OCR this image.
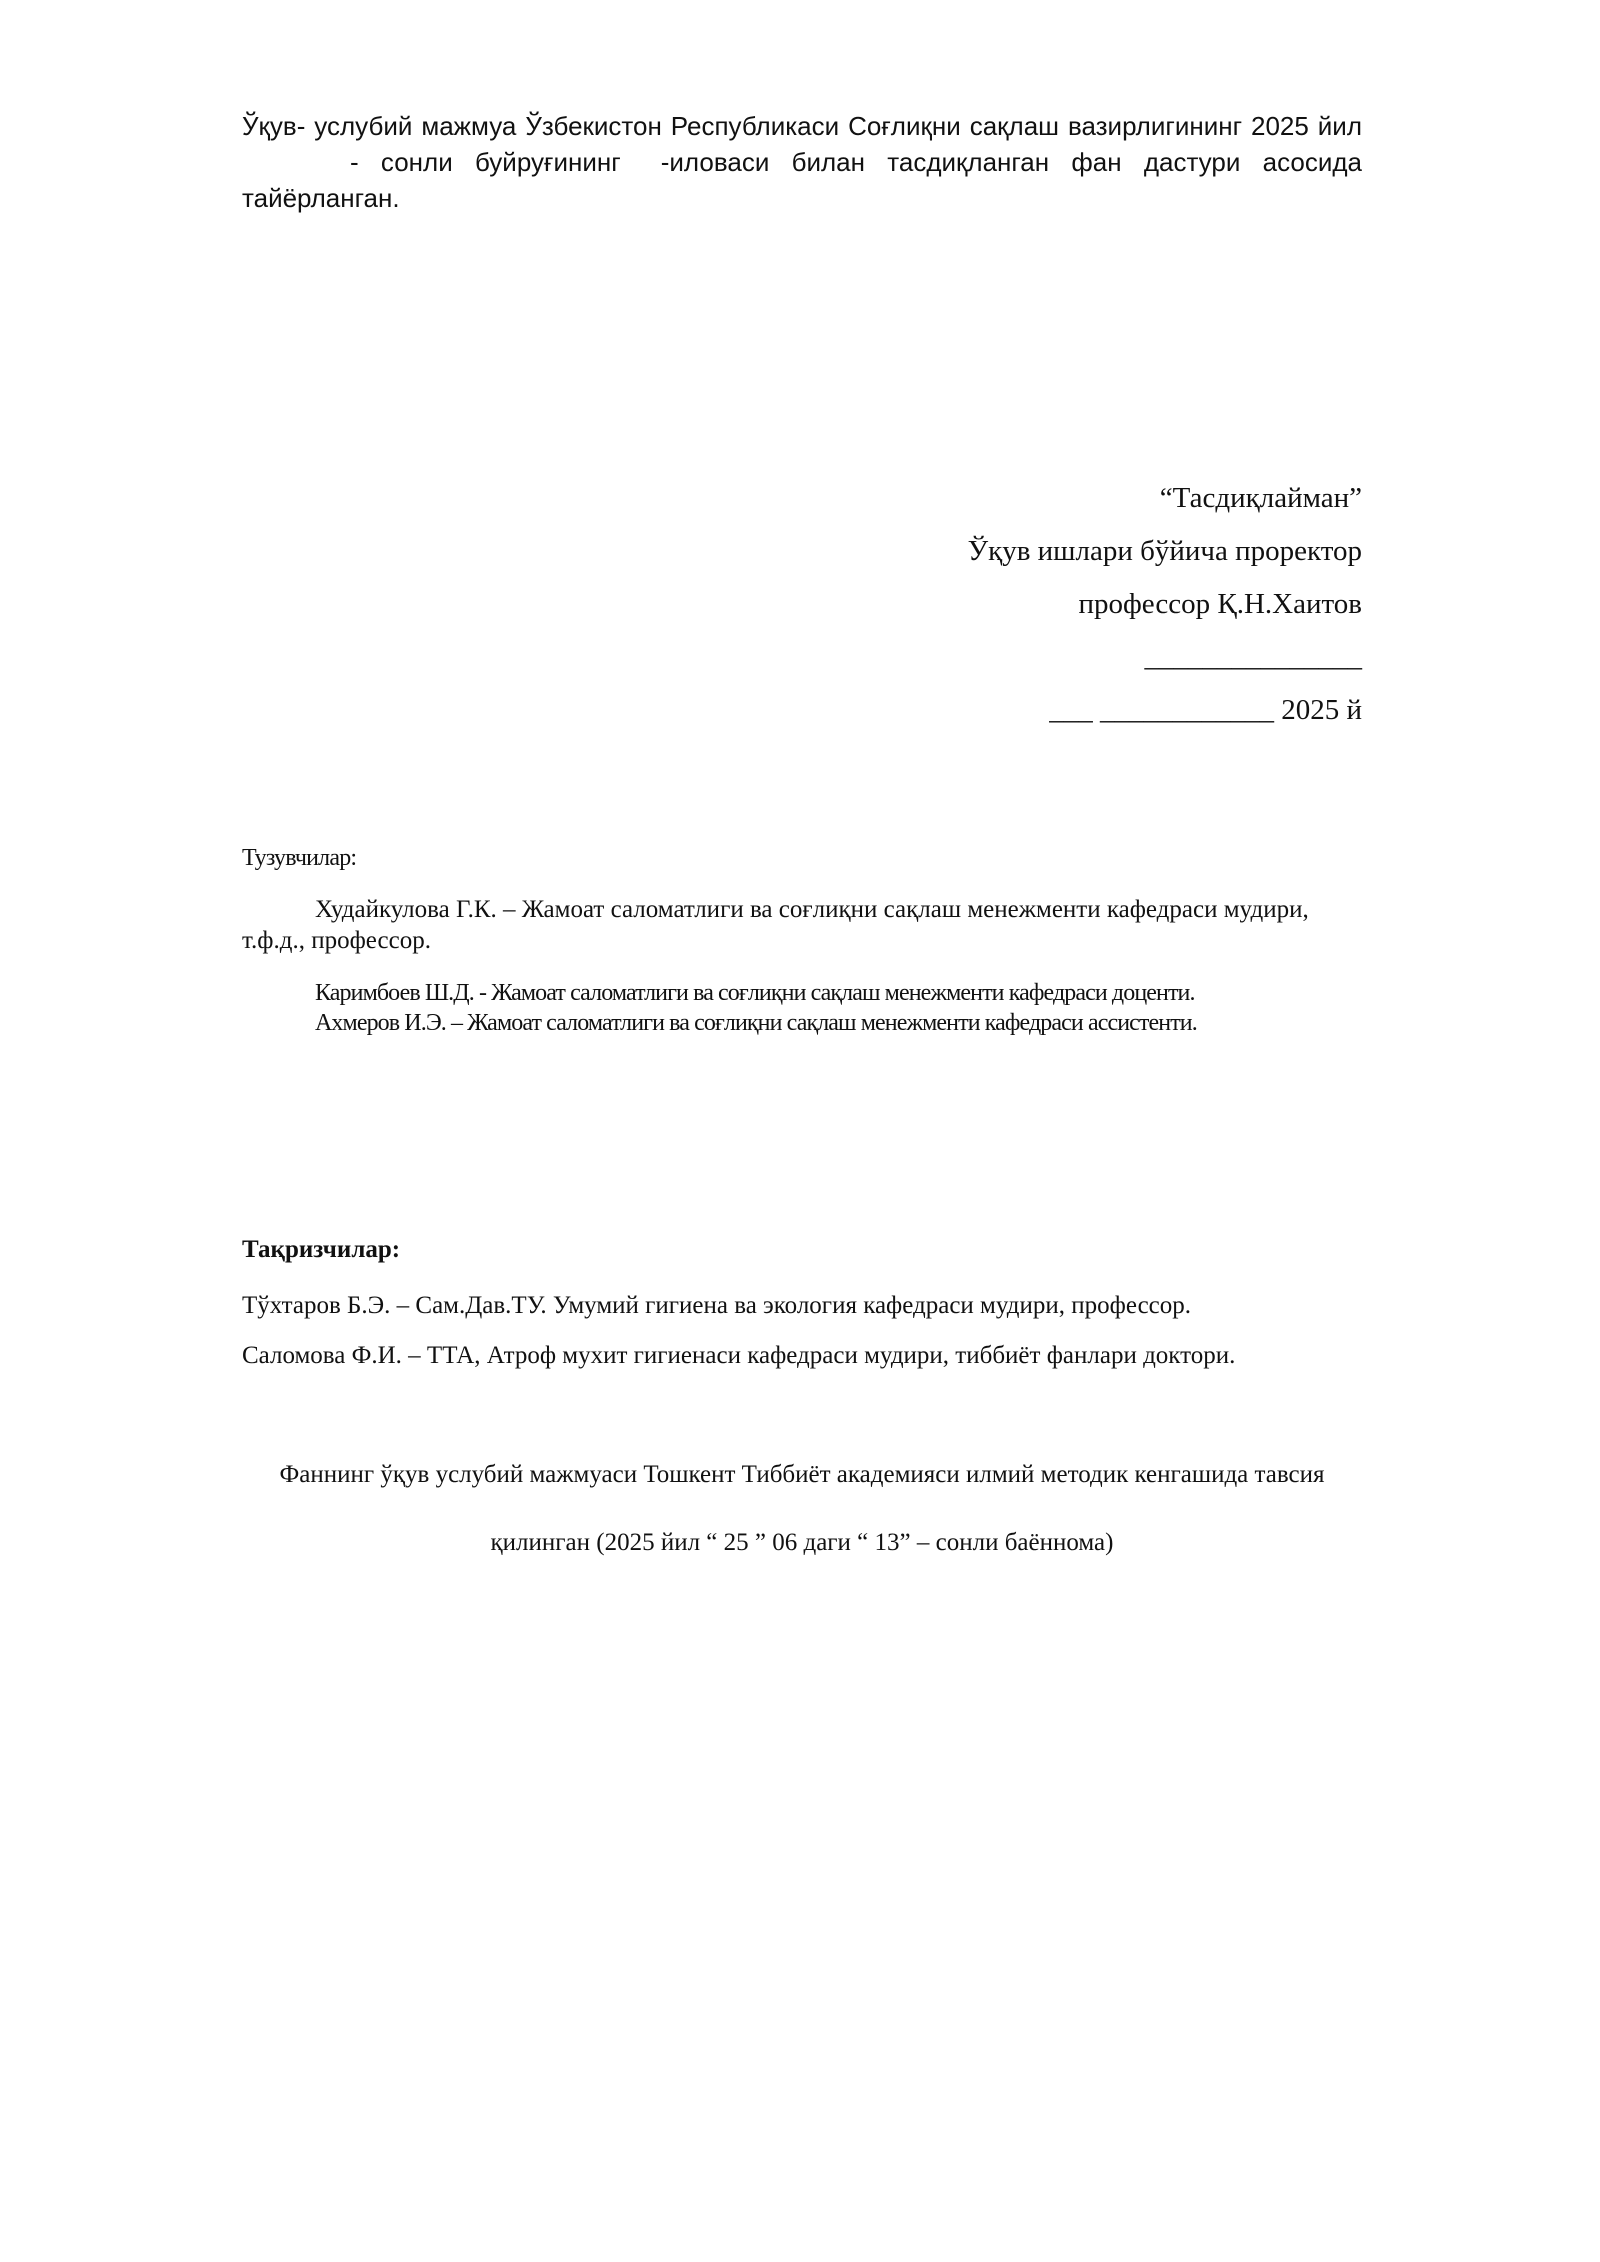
Ўқув- услубий мажмуа Ўзбекистон Республикаси Соғлиқни сақлаш вазирлигининг 2025 йил- сонли буйруғининг -иловаси билан тасдиқланган фан дастури асосида тайёрланган.
“Тасдиқлайман”
Ўқув ишлари бўйича проректор
профессор Қ.Н.Хаитов
_______________
___ ____________ 2025 й
Тузувчилар:
Худайкулова Г.К. – Жамоат саломатлиги ва соғлиқни сақлаш менежменти кафедраси мудири, т.ф.д., профессор.
Каримбоев Ш.Д. - Жамоат саломатлиги ва соғлиқни сақлаш менежменти кафедраси доценти.
Ахмеров И.Э. – Жамоат саломатлиги ва соғлиқни сақлаш менежменти кафедраси ассистенти.
Тақризчилар:
Тўхтаров Б.Э. – Сам.Дав.ТУ. Умумий гигиена ва экология кафедраси мудири, профессор.
Саломова Ф.И. – ТТА, Атроф мухит гигиенаси кафедраси мудири, тиббиёт фанлари доктори.

Фаннинг ўқув услубий мажмуаси Тошкент Тиббиёт академияси илмий методик кенгашида тавсия

қилинган (2025 йил “ 25 ” 06 даги “ 13” – сонли баённома)
